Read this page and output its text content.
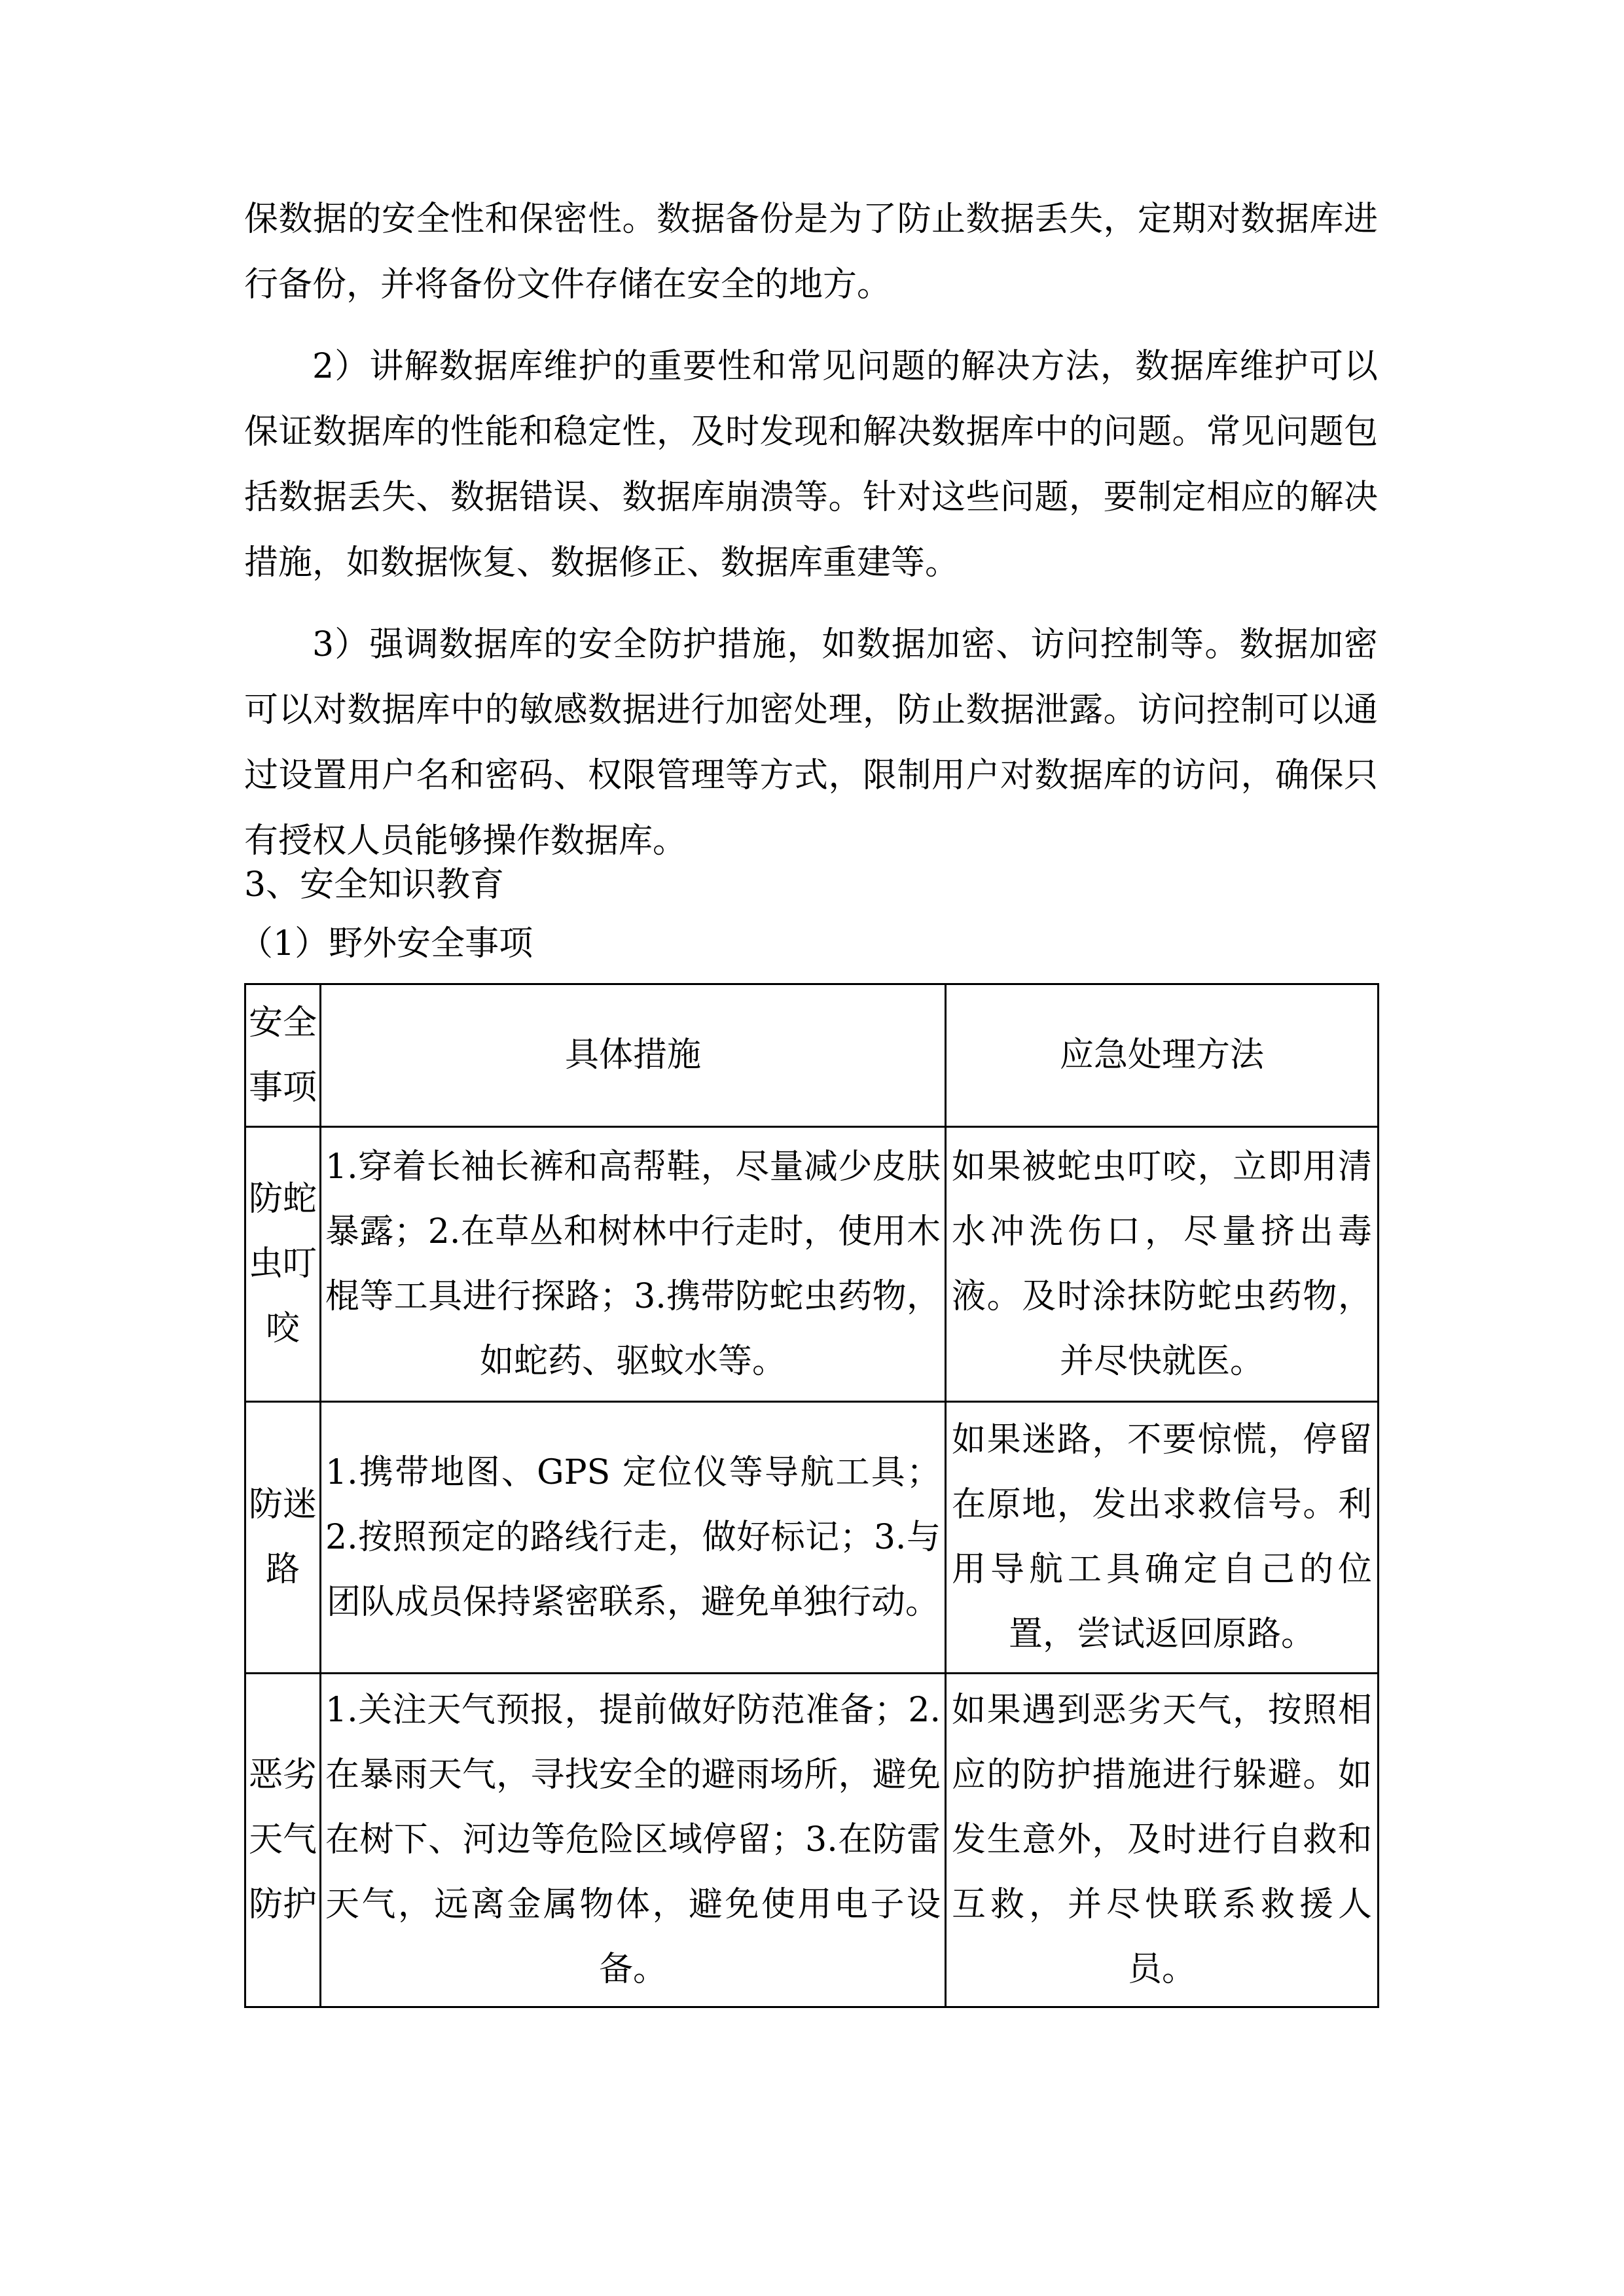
保数据的安全性和保密性。数据备份是为了防止数据丢失，定期对数据库进行备份，并将备份文件存储在安全的地方。

2）讲解数据库维护的重要性和常见问题的解决方法，数据库维护可以保证数据库的性能和稳定性，及时发现和解决数据库中的问题。常见问题包括数据丢失、数据错误、数据库崩溃等。针对这些问题，要制定相应的解决措施，如数据恢复、数据修正、数据库重建等。

3）强调数据库的安全防护措施，如数据加密、访问控制等。数据加密可以对数据库中的敏感数据进行加密处理，防止数据泄露。访问控制可以通过设置用户名和密码、权限管理等方式，限制用户对数据库的访问，确保只有授权人员能够操作数据库。

3、安全知识教育

（1）野外安全事项

安全事项	具体措施	应急处理方法
防蛇虫叮咬	1.穿着长袖长裤和高帮鞋，尽量减少皮肤暴露；2.在草丛和树林中行走时，使用木棍等工具进行探路；3.携带防蛇虫药物，如蛇药、驱蚊水等。	如果被蛇虫叮咬，立即用清水冲洗伤口，尽量挤出毒液。及时涂抹防蛇虫药物，并尽快就医。
防迷路	1.携带地图、GPS 定位仪等导航工具；2.按照预定的路线行走，做好标记；3.与团队成员保持紧密联系，避免单独行动。	如果迷路，不要惊慌，停留在原地，发出求救信号。利用导航工具确定自己的位置，尝试返回原路。
恶劣天气防护	1.关注天气预报，提前做好防范准备；2.在暴雨天气，寻找安全的避雨场所，避免在树下、河边等危险区域停留；3.在防雷天气，远离金属物体，避免使用电子设备。	如果遇到恶劣天气，按照相应的防护措施进行躲避。如发生意外，及时进行自救和互救，并尽快联系救援人员。
